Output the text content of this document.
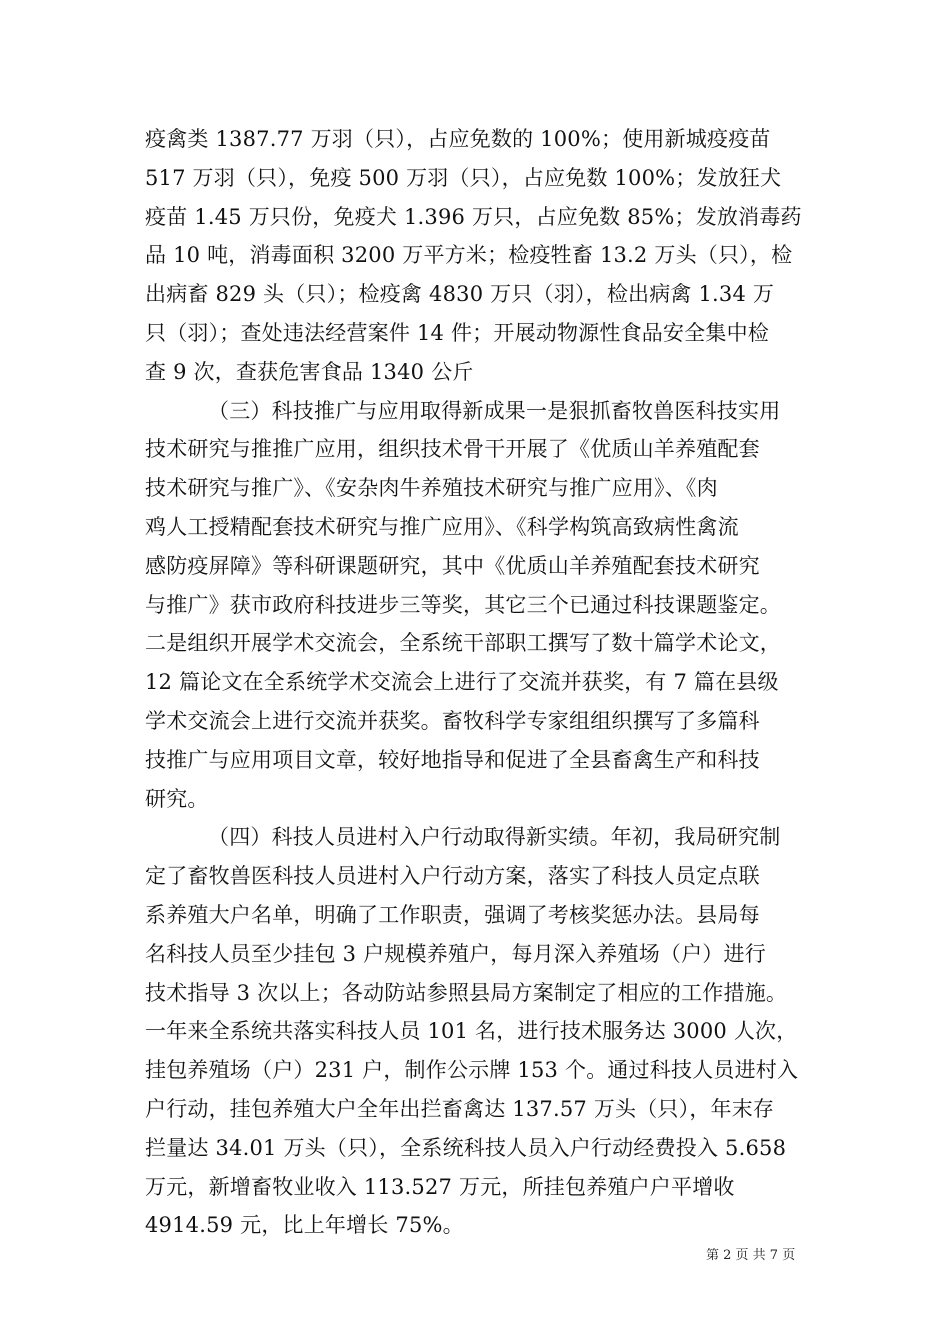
疫禽类 1387.77 万羽（只），占应免数的 100%；使用新城疫疫苗
517 万羽（只），免疫 500 万羽（只），占应免数 100%；发放狂犬
疫苗 1.45 万只份，免疫犬 1.396 万只，占应免数 85%；发放消毒药
品 10 吨，消毒面积 3200 万平方米；检疫牲畜 13.2 万头（只），检
出病畜 829 头（只）；检疫禽 4830 万只（羽），检出病禽 1.34 万
只（羽）；查处违法经营案件 14 件；开展动物源性食品安全集中检
查 9 次，查获危害食品 1340 公斤
（三）科技推广与应用取得新成果一是狠抓畜牧兽医科技实用
技术研究与推推广应用，组织技术骨干开展了《优质山羊养殖配套
技术研究与推广》、《安杂肉牛养殖技术研究与推广应用》、《肉
鸡人工授精配套技术研究与推广应用》、《科学构筑高致病性禽流
感防疫屏障》等科研课题研究，其中《优质山羊养殖配套技术研究
与推广》获市政府科技进步三等奖，其它三个已通过科技课题鉴定。
二是组织开展学术交流会，全系统干部职工撰写了数十篇学术论文，
12 篇论文在全系统学术交流会上进行了交流并获奖，有 7 篇在县级
学术交流会上进行交流并获奖。畜牧科学专家组组织撰写了多篇科
技推广与应用项目文章，较好地指导和促进了全县畜禽生产和科技
研究。
（四）科技人员进村入户行动取得新实绩。年初，我局研究制
定了畜牧兽医科技人员进村入户行动方案，落实了科技人员定点联
系养殖大户名单，明确了工作职责，强调了考核奖惩办法。县局每
名科技人员至少挂包 3 户规模养殖户，每月深入养殖场（户）进行
技术指导 3 次以上；各动防站参照县局方案制定了相应的工作措施。
一年来全系统共落实科技人员 101 名，进行技术服务达 3000 人次，
挂包养殖场（户）231 户，制作公示牌 153 个。通过科技人员进村入
户行动，挂包养殖大户全年出拦畜禽达 137.57 万头（只），年末存
拦量达 34.01 万头（只），全系统科技人员入户行动经费投入 5.658
万元，新增畜牧业收入 113.527 万元，所挂包养殖户户平增收
4914.59 元，比上年增长 75%。
第 2 页 共 7 页
